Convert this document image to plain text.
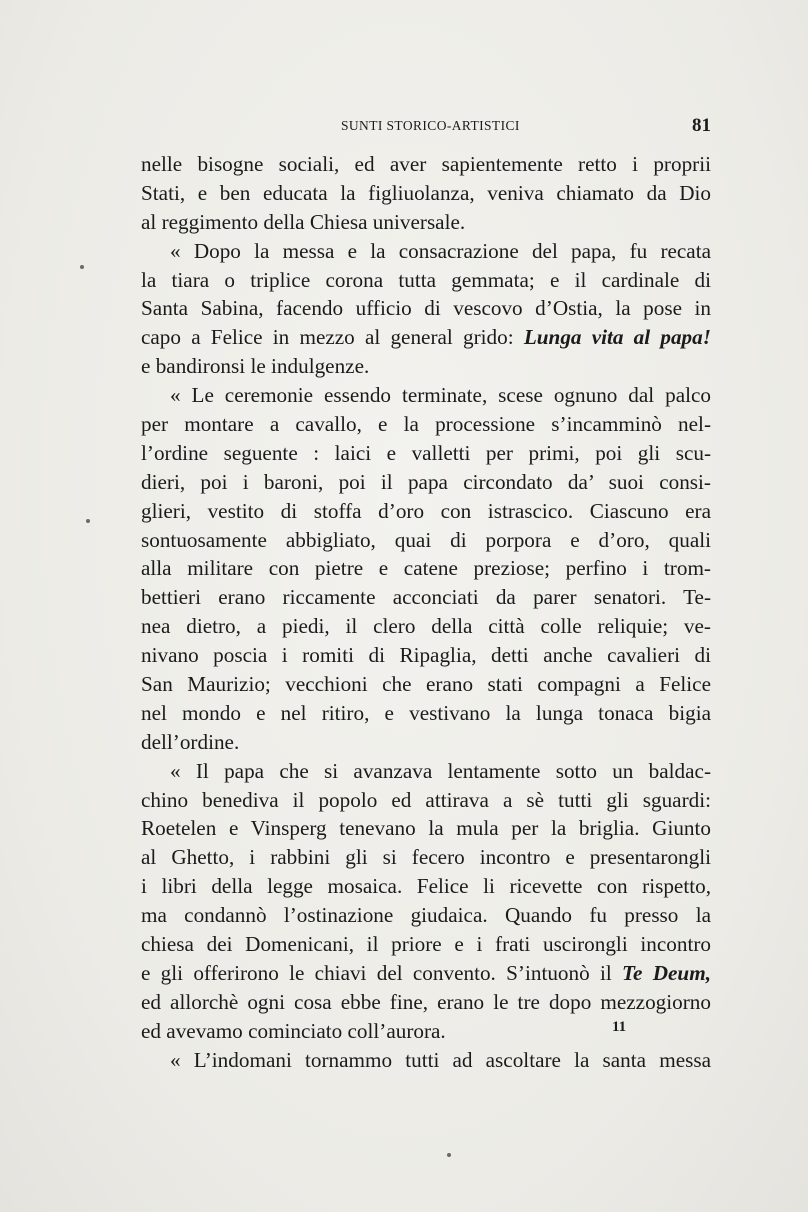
SUNTI STORICO-ARTISTICI	81
nelle bisogne sociali, ed aver sapientemente retto i proprii
Stati, e ben educata la figliuolanza, veniva chiamato da Dio
al reggimento della Chiesa universale.
« Dopo la messa e la consacrazione del papa, fu recata
la tiara o triplice corona tutta gemmata; e il cardinale di
Santa Sabina, facendo ufficio di vescovo d’Ostia, la pose in
capo a Felice in mezzo al general grido: Lunga vita al papa!
e bandironsi le indulgenze.
« Le ceremonie essendo terminate, scese ognuno dal palco
per montare a cavallo, e la processione s’incamminò nel-
l’ordine seguente : laici e valletti per primi, poi gli scu-
dieri, poi i baroni, poi il papa circondato da’ suoi consi-
glieri, vestito di stoffa d’oro con istrascico. Ciascuno era
sontuosamente abbigliato, quai di porpora e d’oro, quali
alla militare con pietre e catene preziose; perfino i trom-
bettieri erano riccamente acconciati da parer senatori. Te-
nea dietro, a piedi, il clero della città colle reliquie; ve-
nivano poscia i romiti di Ripaglia, detti anche cavalieri di
San Maurizio; vecchioni che erano stati compagni a Felice
nel mondo e nel ritiro, e vestivano la lunga tonaca bigia
dell’ordine.
« Il papa che si avanzava lentamente sotto un baldac-
chino benediva il popolo ed attirava a sè tutti gli sguardi:
Roetelen e Vinsperg tenevano la mula per la briglia. Giunto
al Ghetto, i rabbini gli si fecero incontro e presentarongli
i libri della legge mosaica. Felice li ricevette con rispetto,
ma condannò l’ostinazione giudaica. Quando fu presso la
chiesa dei Domenicani, il priore e i frati uscirongli incontro
e gli offerirono le chiavi del convento. S’intuonò il Te Deum,
ed allorchè ogni cosa ebbe fine, erano le tre dopo mezzogiorno
ed avevamo cominciato coll’aurora.
« L’indomani tornammo tutti ad ascoltare la santa messa
11
